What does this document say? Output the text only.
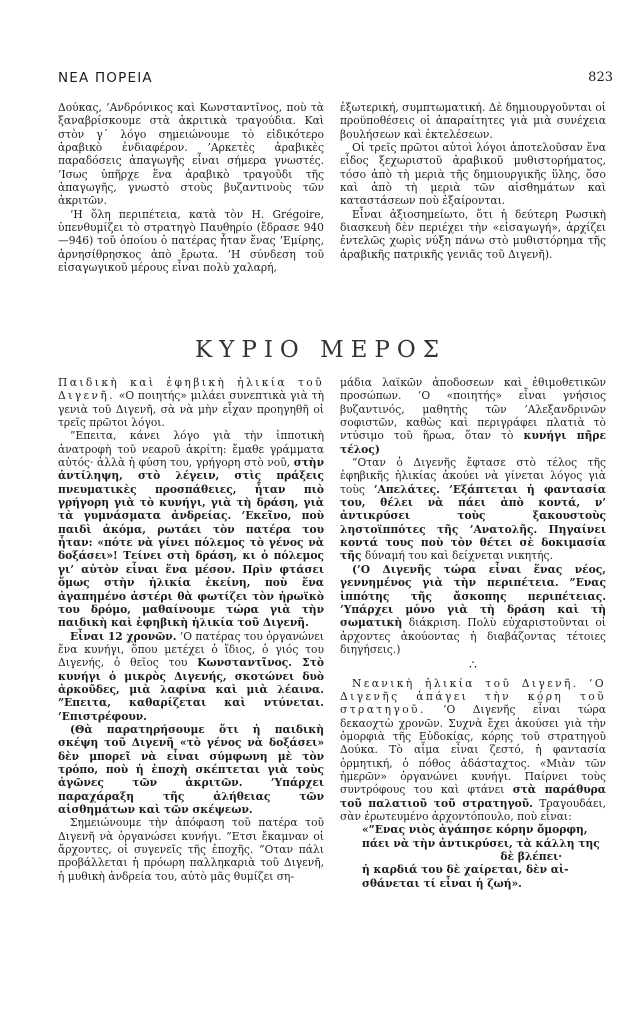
ΝΕΑ ΠΟΡΕΙΑ	823

Δούκας, ’Ανδρόνικος καὶ Κωνσταντῖνος, ποὺ τὰ ξαναβρίσκουμε στὰ ἀκριτικὰ τραγούδια. Καὶ στὸν γ´ λόγο σημειώνουμε τὸ εἰδικότερο ἀραβικὸ ἐνδιαφέρον. ’Αρκετὲς ἀραβικὲς παραδόσεις ἀπαγωγῆς εἶναι σήμερα γνωστές. ’Ισως ὑπῆρχε ἕνα ἀραβικὸ τραγοῦδι τῆς ἀπαγωγῆς, γνωστὸ στοὺς βυζαντινοὺς τῶν ἀκριτῶν.

’Η ὅλη περιπέτεια, κατὰ τὸν Η. Grégoire, ὑπενθυμίζει τὸ στρατηγὸ Παυθηρίο (ἔδρασε 940—946) τοῦ ὁποίου ὁ πατέρας ἦταν ἕνας ’Εμίρης, ἀρνησίθρησκος ἀπὸ ἔρωτα. ’Η σύνδεση τοῦ εἰσαγωγικοῦ μέρους εἶναι πολὺ χαλαρή,

ἐξωτερική, συμπτωματική. Δὲ δημιουργοῦνται οἱ προϋποθέσεις οἱ ἀπαραίτητες γιὰ μιὰ συνέχεια βουλήσεων καὶ ἐκτελέσεων.

Οἱ τρεῖς πρῶτοι αὐτοὶ λόγοι ἀποτελοῦσαν ἕνα εἶδος ξεχωριστοῦ ἀραβικοῦ μυθιστορήματος, τόσο ἀπὸ τὴ μεριὰ τῆς δημιουργικῆς ὕλης, ὅσο καὶ ἀπὸ τὴ μεριὰ τῶν αἰσθημάτων καὶ καταστάσεων ποὺ ἐξαίρονται.

Εἶναι ἀξιοσημείωτο, ὅτι ἡ δεύτερη Ρωσικὴ διασκευὴ δὲν περιέχει τὴν «εἰσαγωγή», ἀρχίζει ἐντελῶς χωρὶς νύξη πάνω στὸ μυθιστόρημα τῆς ἀραβικῆς πατρικῆς γενιᾶς τοῦ Διγενῆ).

ΚΥΡΙΟ ΜΕΡΟΣ

Παιδικὴ καὶ ἐφηβικὴ ἡλικία τοῦ Διγενῆ. «Ο ποιητής» μιλάει συνεπτικὰ γιὰ τὴ γενιὰ τοῦ Διγενῆ, σὰ νὰ μὴν εἶχαν προηγηθῆ οἱ τρεῖς πρῶτοι λόγοι.

”Επειτα, κάνει λόγο γιὰ τὴν ἱπποτικὴ ἀνατροφὴ τοῦ νεαροῦ ἀκρίτη: ἔμαθε γράμματα αὐτός· ἀλλὰ ἡ φύση του, γρήγορη στὸ νοῦ, στὴν ἀντίληψη, στὸ λέγειν, στὶς πράξεις πνευματικὲς προσπάθειες, ἦταν πιὸ γρήγορη γιὰ τὸ κυνήγι, γιὰ τὴ δράση, γιὰ τὰ γυμνάσματα ἀνδρείας. ’Εκεῖνο, ποὺ παιδὶ ἀκόμα, ρωτάει τὸν πατέρα του ἦταν: «πότε νὰ γίνει πόλεμος τὸ γένος νὰ δοξάσει»! Τείνει στὴ δράση, κι ὁ πόλεμος γι’ αὐτὸν εἶναι ἕνα μέσον. Πρὶν φτάσει ὅμως στὴν ἡλικία ἐκείνη, ποὺ ἕνα ἀγαπημένο ἀστέρι θὰ φωτίζει τὸν ἡρωϊκὸ του δρόμο, μαθαίνουμε τώρα γιὰ τὴν παιδικὴ καὶ ἐφηβικὴ ἡλικία τοῦ Διγενῆ.

Εἶναι 12 χρονῶν. ’Ο πατέρας του ὀργανώνει ἕνα κυνήγι, ὅπου μετέχει ὁ ἴδιος, ὁ γιός του Διγενής, ὁ θεῖος του Κωνσταντῖνος. Στὸ κυνήγι ὁ μικρὸς Διγενής, σκοτώνει δυὸ ἀρκοῦδες, μιὰ λαφίνα καὶ μιὰ λέαινα. ”Επειτα, καθαρίζεται καὶ ντύνεται. ’Επιστρέφουν.

(Θὰ παρατηρήσουμε ὅτι ἡ παιδικὴ σκέψη τοῦ Διγενῆ «τὸ γένος νὰ δοξάσει» δὲν μπορεῖ νὰ εἶναι σύμφωνη μὲ τὸν τρόπο, ποὺ ἡ ἐποχὴ σκέπτεται γιὰ τοὺς ἀγῶνες τῶν ἀκριτῶν. ’Υπάρχει παραχάραξη τῆς ἀλήθειας τῶν αἰσθημάτων καὶ τῶν σκέψεων.

Σημειώνουμε τὴν ἀπόφαση τοῦ πατέρα τοῦ Διγενῆ νὰ ὀργανώσει κυνήγι. ”Ετσι ἔκαμναν οἱ ἄρχοντες, οἱ συγενεῖς τῆς ἐποχῆς. ”Οταν πάλι προβάλλεται ἡ πρόωρη παλληκαριὰ τοῦ Διγενῆ, ἡ μυθικὴ ἀνδρεία του, αὐτὸ μᾶς θυμίζει ση-

μάδια λαϊκῶν ἀποδοσεων καὶ ἐθιμοθετικῶν προσώπων. ’Ο «ποιητής» εἶναι γνήσιος βυζαντινός, μαθητὴς τῶν ’Αλεξανδρινῶν σοφιστῶν, καθὼς καὶ περιγράφει πλατιὰ τὸ ντύσιμο τοῦ ἥρωα, ὅταν τὸ κυνήγι πῆρε τέλος)

”Οταν ὁ Διγενῆς ἔφτασε στὸ τέλος τῆς ἐφηβικῆς ἡλικίας ἀκούει νὰ γίνεται λόγος γιὰ τοὺς ’Απελάτες. ’Εξάπτεται ἡ φαντασία του, θέλει νὰ πάει ἀπὸ κοντά, ν’ ἀντικρύσει τοὺς ξακουστοὺς ληστοϊππότες τῆς ’Ανατολῆς. Πηγαίνει κοντά τους ποὺ τὸν θέτει σὲ δοκιμασία τῆς δύναμή του καὶ δείχνεται νικητής.

(’Ο Διγενῆς τώρα εἶναι ἕνας νέος, γεννημένος γιὰ τὴν περιπέτεια. ”Ενας ἱππότης τῆς ἄσκοπης περιπέτειας. ’Υπάρχει μόνο γιὰ τὴ δράση καὶ τὴ σωματικὴ διάκριση. Πολὺ εὐχαριστοῦνται οἱ ἀρχοντες ἀκούοντας ἡ διαβάζοντας τέτοιες διηγήσεις.)

∴

Νεανικὴ ἡλικία τοῦ Διγενῆ. ’Ο Διγενῆς ἁπάγει τὴν κόρη τοῦ στρατηγοῦ. ’Ο Διγενῆς εἶναι τώρα δεκαοχτὼ χρονῶν. Συχνὰ ἔχει ἀκούσει γιὰ τὴν ὀμορφιὰ τῆς Εὐδοκίας, κόρης τοῦ στρατηγοῦ Δούκα. Τὸ αἷμα εἶναι ζεστό, ἡ φαντασία ὁρμητική, ὁ πόθος ἀδάσταχτος. «Μιὰν τῶν ἡμερῶν» ὀργανώνει κυνήγι. Παίρνει τοὺς συντρόφους του καὶ φτάνει στὰ παράθυρα τοῦ παλατιοῦ τοῦ στρατηγοῦ. Τραγουδάει, σὰν ἐρωτευμένο ἀρχοντόπουλο, ποὺ εἶναι:

«”Ενας νιὸς ἀγάπησε κόρην ὄμορφη,
πάει νὰ τὴν ἀντικρύσει, τὰ κάλλη της
δὲ βλέπει·
ἡ καρδιά του δὲ χαίρεται, δὲν αἰ-
σθάνεται τί εἶναι ἡ ζωή».
